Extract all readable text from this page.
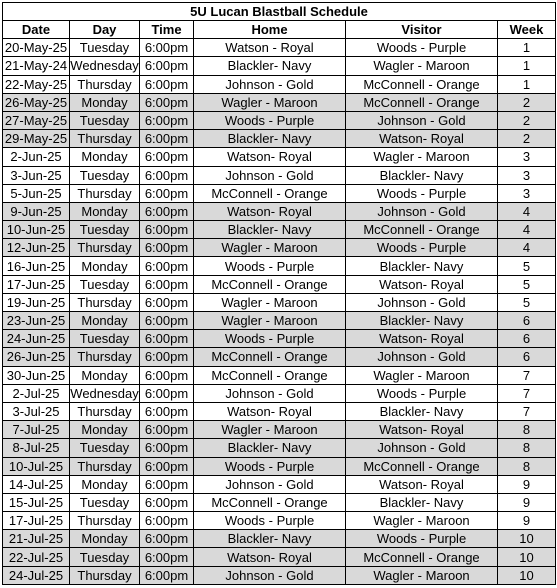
5U Lucan Blastball Schedule					
Date	Day	Time	Home	Visitor	Week
20-May-25	Tuesday	6:00pm	Watson - Royal	Woods - Purple	1
21-May-24	Wednesday	6:00pm	Blackler- Navy	Wagler - Maroon	1
22-May-25	Thursday	6:00pm	Johnson - Gold	McConnell - Orange	1
26-May-25	Monday	6:00pm	Wagler - Maroon	McConnell - Orange	2
27-May-25	Tuesday	6:00pm	Woods - Purple	Johnson - Gold	2
29-May-25	Thursday	6:00pm	Blackler- Navy	Watson- Royal	2
2-Jun-25	Monday	6:00pm	Watson- Royal	Wagler - Maroon	3
3-Jun-25	Tuesday	6:00pm	Johnson - Gold	Blackler- Navy	3
5-Jun-25	Thursday	6:00pm	McConnell - Orange	Woods - Purple	3
9-Jun-25	Monday	6:00pm	Watson- Royal	Johnson - Gold	4
10-Jun-25	Tuesday	6:00pm	Blackler- Navy	McConnell - Orange	4
12-Jun-25	Thursday	6:00pm	Wagler - Maroon	Woods - Purple	4
16-Jun-25	Monday	6:00pm	Woods - Purple	Blackler- Navy	5
17-Jun-25	Tuesday	6:00pm	McConnell - Orange	Watson- Royal	5
19-Jun-25	Thursday	6:00pm	Wagler - Maroon	Johnson - Gold	5
23-Jun-25	Monday	6:00pm	Wagler - Maroon	Blackler- Navy	6
24-Jun-25	Tuesday	6:00pm	Woods - Purple	Watson- Royal	6
26-Jun-25	Thursday	6:00pm	McConnell - Orange	Johnson - Gold	6
30-Jun-25	Monday	6:00pm	McConnell - Orange	Wagler - Maroon	7
2-Jul-25	Wednesday	6:00pm	Johnson - Gold	Woods - Purple	7
3-Jul-25	Thursday	6:00pm	Watson- Royal	Blackler- Navy	7
7-Jul-25	Monday	6:00pm	Wagler - Maroon	Watson- Royal	8
8-Jul-25	Tuesday	6:00pm	Blackler- Navy	Johnson - Gold	8
10-Jul-25	Thursday	6:00pm	Woods - Purple	McConnell - Orange	8
14-Jul-25	Monday	6:00pm	Johnson - Gold	Watson- Royal	9
15-Jul-25	Tuesday	6:00pm	McConnell - Orange	Blackler- Navy	9
17-Jul-25	Thursday	6:00pm	Woods - Purple	Wagler - Maroon	9
21-Jul-25	Monday	6:00pm	Blackler- Navy	Woods - Purple	10
22-Jul-25	Tuesday	6:00pm	Watson- Royal	McConnell - Orange	10
24-Jul-25	Thursday	6:00pm	Johnson - Gold	Wagler - Maroon	10
